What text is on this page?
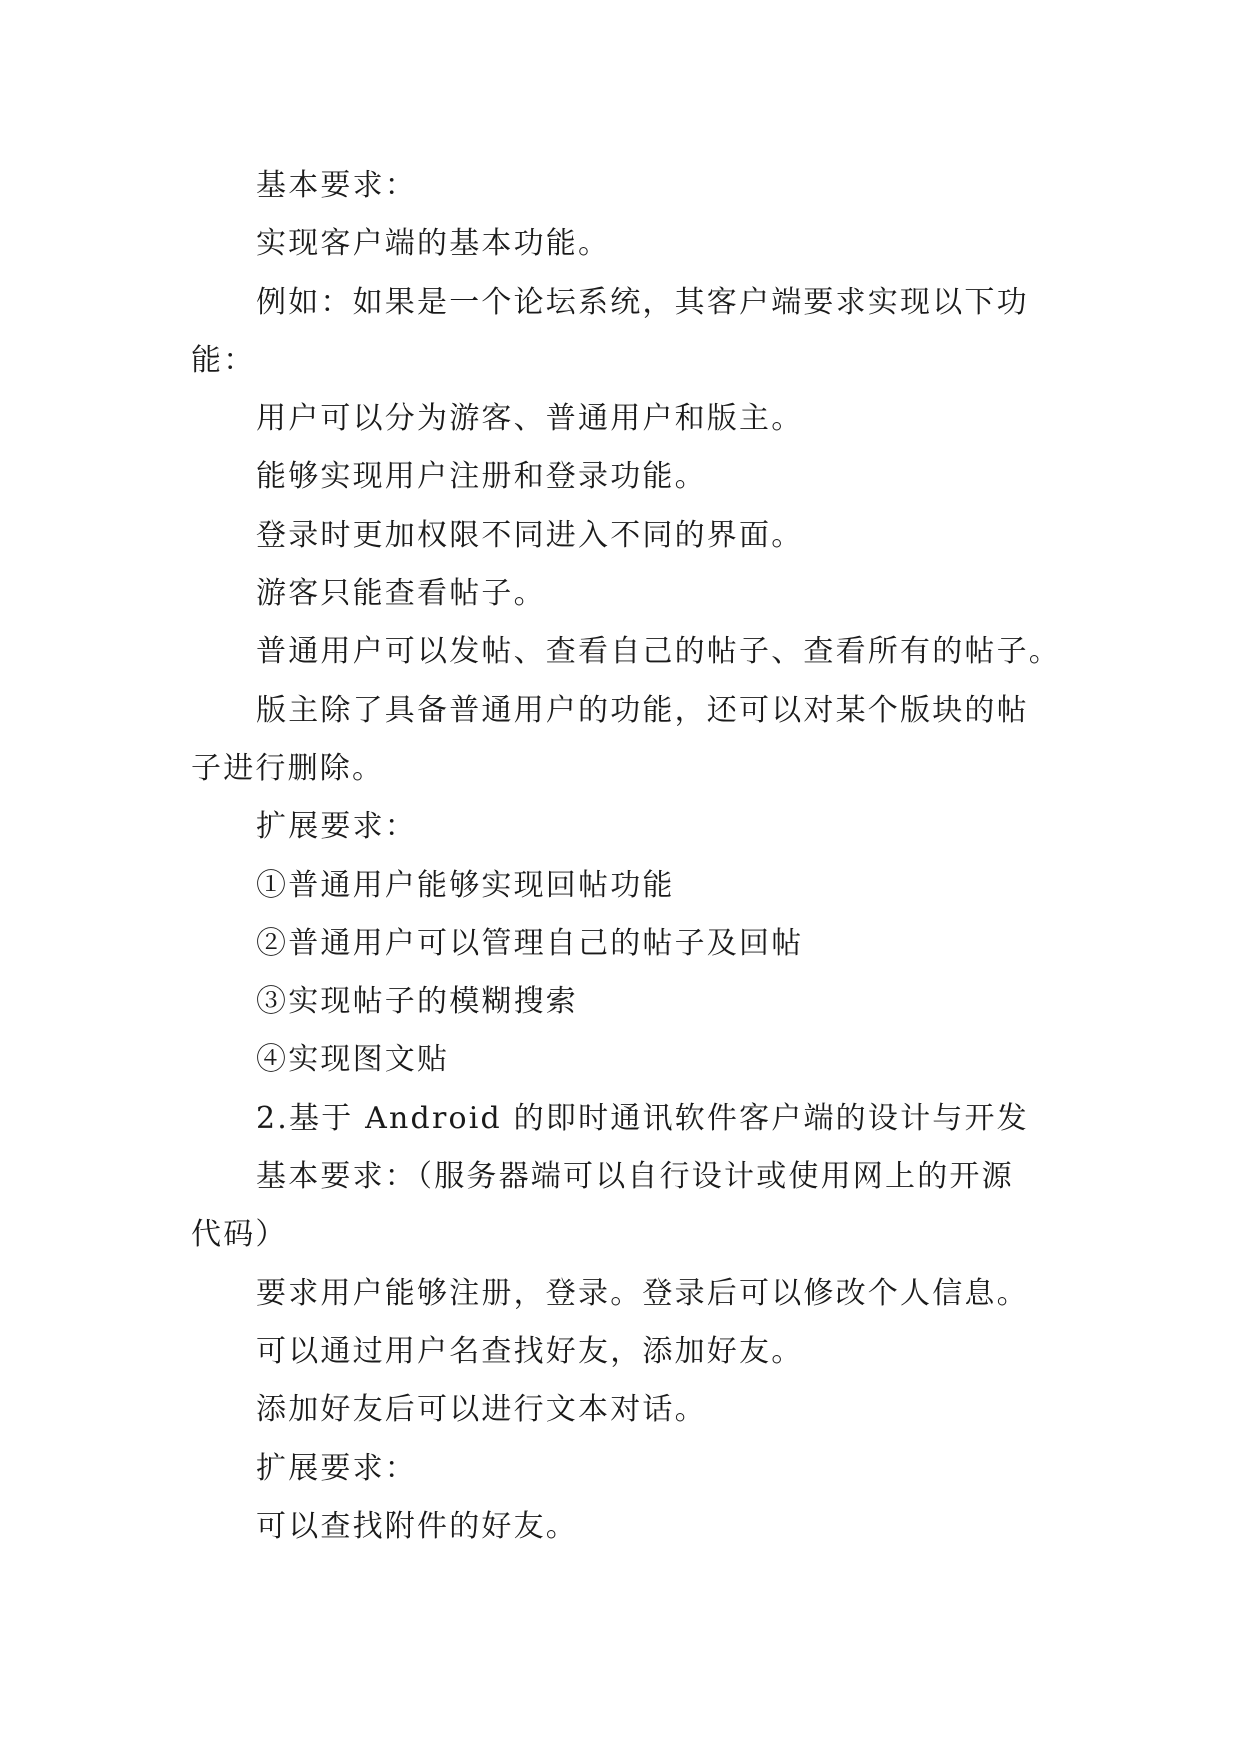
基本要求：
实现客户端的基本功能。
例如：如果是一个论坛系统，其客户端要求实现以下功
能：
用户可以分为游客、普通用户和版主。
能够实现用户注册和登录功能。
登录时更加权限不同进入不同的界面。
游客只能查看帖子。
普通用户可以发帖、查看自己的帖子、查看所有的帖子。
版主除了具备普通用户的功能，还可以对某个版块的帖
子进行删除。
扩展要求：
①普通用户能够实现回帖功能
②普通用户可以管理自己的帖子及回帖
③实现帖子的模糊搜索
④实现图文贴
2.基于 Android 的即时通讯软件客户端的设计与开发
基本要求：（服务器端可以自行设计或使用网上的开源
代码）
要求用户能够注册，登录。登录后可以修改个人信息。
可以通过用户名查找好友，添加好友。
添加好友后可以进行文本对话。
扩展要求：
可以查找附件的好友。
